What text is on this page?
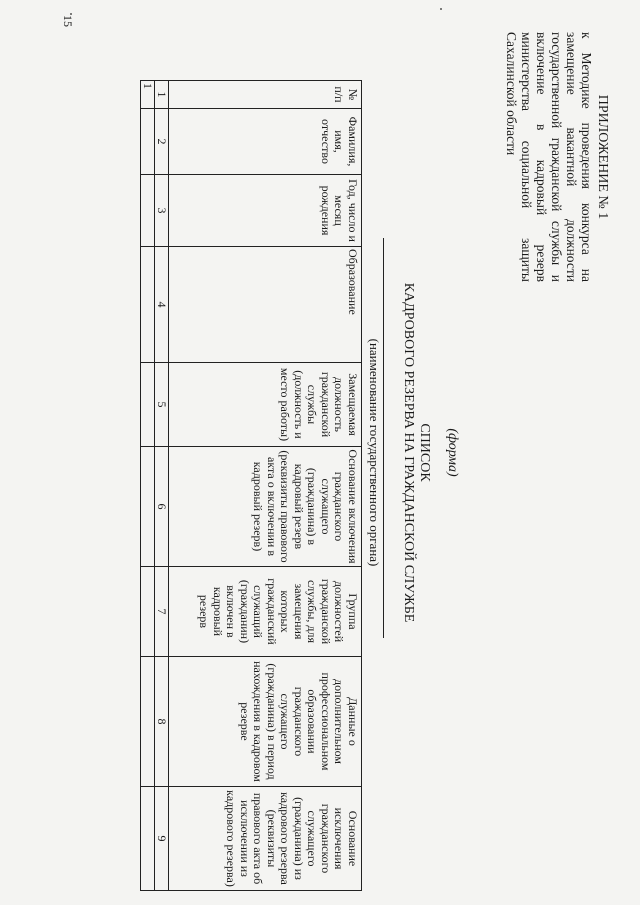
ПРИЛОЖЕНИЕ № 1
к Методике проведения конкурса на замещение вакантной должности государственной гражданской службы и включение в кадровый резерв министерства социальной защиты Сахалинской области
(форма)
СПИСОК
КАДРОВОГО РЕЗЕРВА НА ГРАЖДАНСКОЙ СЛУЖБЕ
(наименование государственного органа)
№ п/п	Фамилия, имя, отчество	Год, число и месяц рождения	Образование	Замещаемая должность гражданской службы (должность и место работы)	Основание включения гражданского служащего (гражданина) в кадровый резерв (реквизиты правового акта о включении в кадровый резерв)	Группа должностей гражданской службы, для замещения которых гражданский служащий (гражданин) включен в кадровый резерв	Данные о дополнительном профессиональном образовании гражданского служащего (гражданина) в период нахождения в кадровом резерве	Основание исключения гражданского служащего (гражданина) из кадрового резерва (реквизиты правового акта об исключении из кадрового резерва)
1	2	3	4	5	6	7	8	9
1								
15
